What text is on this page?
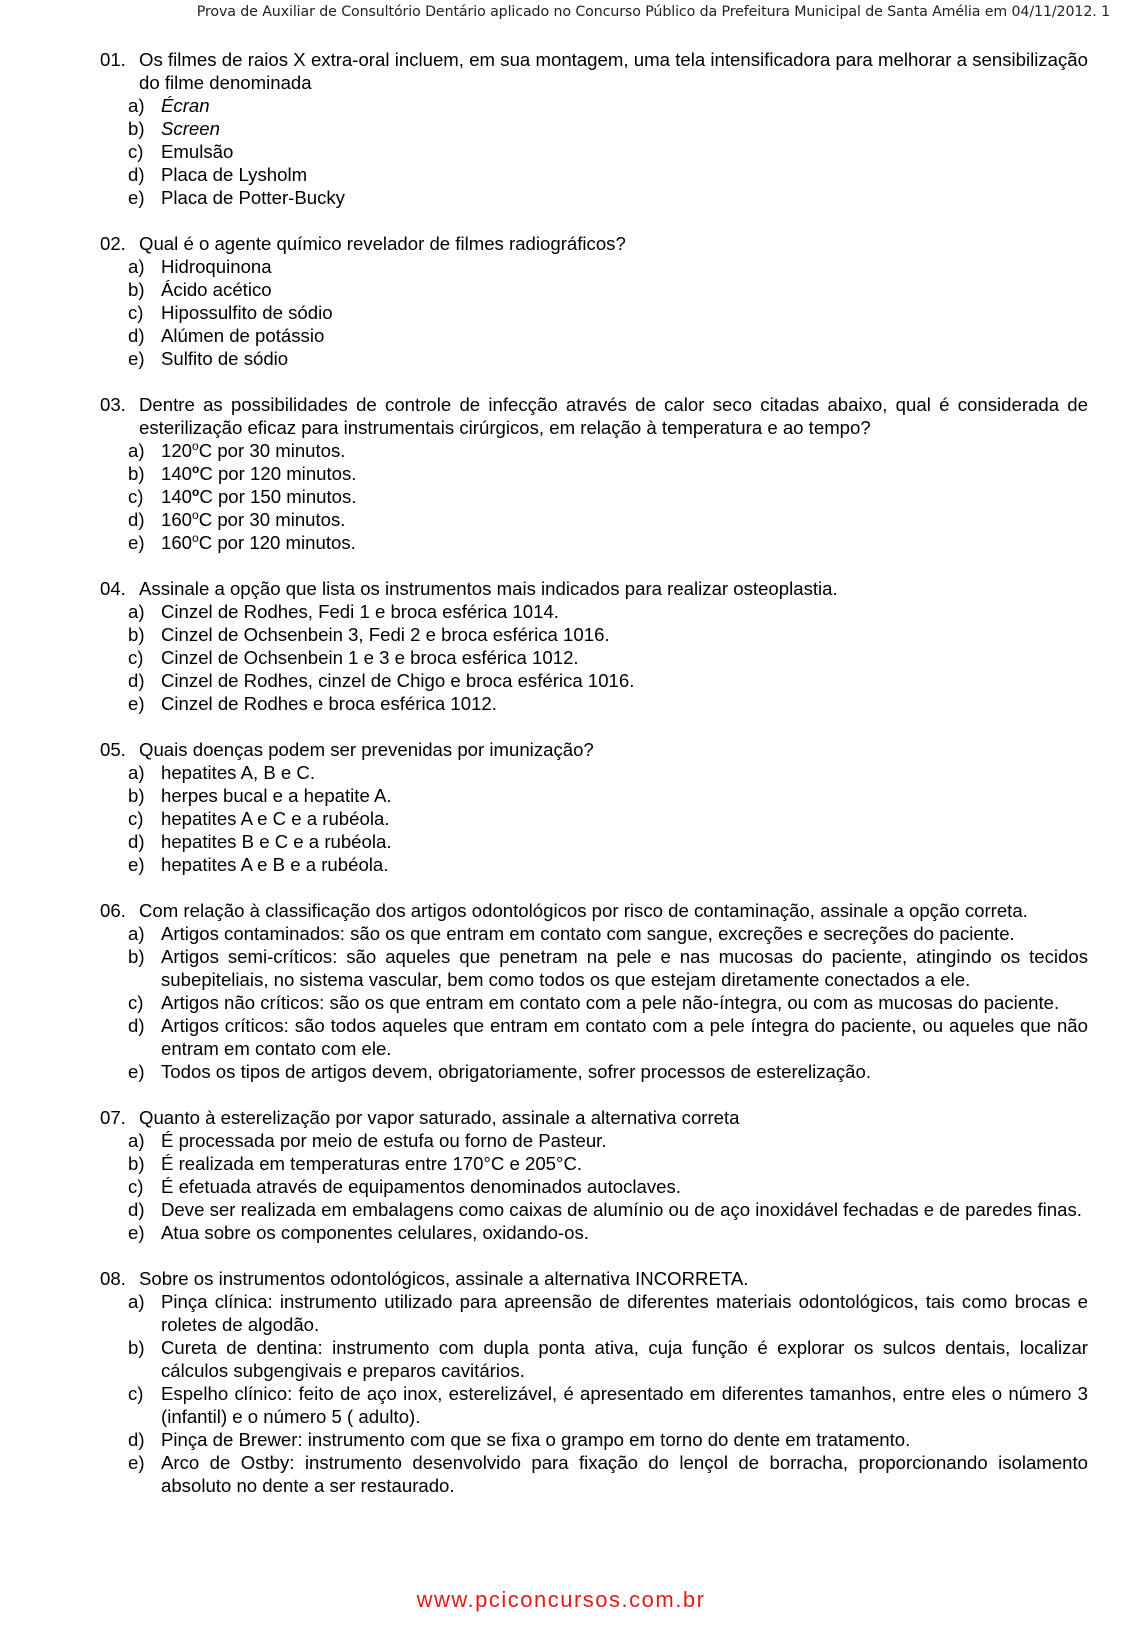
Prova de Auxiliar de Consultório Dentário aplicado no Concurso Público da Prefeitura Municipal de Santa Amélia em 04/11/2012. 1
01. Os filmes de raios X extra-oral incluem, em sua montagem, uma tela intensificadora para melhorar a sensibilização do filme denominada
a) Écran
b) Screen
c) Emulsão
d) Placa de Lysholm
e) Placa de Potter-Bucky
02. Qual é o agente químico revelador de filmes radiográficos?
a) Hidroquinona
b) Ácido acético
c) Hipossulfito de sódio
d) Alúmen de potássio
e) Sulfito de sódio
03. Dentre as possibilidades de controle de infecção através de calor seco citadas abaixo, qual é considerada de esterilização eficaz para instrumentais cirúrgicos, em relação à temperatura e ao tempo?
a) 120$^o$C por 30 minutos.
b) 140$^o$C por 120 minutos.
c) 140$^o$C por 150 minutos.
d) 160$^o$C por 30 minutos.
e) 160$^o$C por 120 minutos.
04. Assinale a opção que lista os instrumentos mais indicados para realizar osteoplastia.
a) Cinzel de Rodhes, Fedi 1 e broca esférica 1014.
b) Cinzel de Ochsenbein 3, Fedi 2 e broca esférica 1016.
c) Cinzel de Ochsenbein 1 e 3 e broca esférica 1012.
d) Cinzel de Rodhes, cinzel de Chigo e broca esférica 1016.
e) Cinzel de Rodhes e broca esférica 1012.
05. Quais doenças podem ser prevenidas por imunização?
a) hepatites A, B e C.
b) herpes bucal e a hepatite A.
c) hepatites A e C e a rubéola.
d) hepatites B e C e a rubéola.
e) hepatites A e B e a rubéola.
06. Com relação à classificação dos artigos odontológicos por risco de contaminação, assinale a opção correta.
a) Artigos contaminados: são os que entram em contato com sangue, excreções e secreções do paciente.
b) Artigos semi-críticos: são aqueles que penetram na pele e nas mucosas do paciente, atingindo os tecidos subepiteliais, no sistema vascular, bem como todos os que estejam diretamente conectados a ele.
c) Artigos não críticos: são os que entram em contato com a pele não-íntegra, ou com as mucosas do paciente.
d) Artigos críticos: são todos aqueles que entram em contato com a pele íntegra do paciente, ou aqueles que não entram em contato com ele.
e) Todos os tipos de artigos devem, obrigatoriamente, sofrer processos de esterelização.
07. Quanto à esterelização por vapor saturado, assinale a alternativa correta
a) É processada por meio de estufa ou forno de Pasteur.
b) É realizada em temperaturas entre 170°C e 205°C.
c) É efetuada através de equipamentos denominados autoclaves.
d) Deve ser realizada em embalagens como caixas de alumínio ou de aço inoxidável fechadas e de paredes finas.
e) Atua sobre os componentes celulares, oxidando-os.
08. Sobre os instrumentos odontológicos, assinale a alternativa INCORRETA.
a) Pinça clínica: instrumento utilizado para apreensão de diferentes materiais odontológicos, tais como brocas e roletes de algodão.
b) Cureta de dentina: instrumento com dupla ponta ativa, cuja função é explorar os sulcos dentais, localizar cálculos subgengivais e preparos cavitários.
c) Espelho clínico: feito de aço inox, esterelizável, é apresentado em diferentes tamanhos, entre eles o número 3 (infantil) e o número 5 ( adulto).
d) Pinça de Brewer: instrumento com que se fixa o grampo em torno do dente em tratamento.
e) Arco de Ostby: instrumento desenvolvido para fixação do lençol de borracha, proporcionando isolamento absoluto no dente a ser restaurado.
www.pciconcursos.com.br
